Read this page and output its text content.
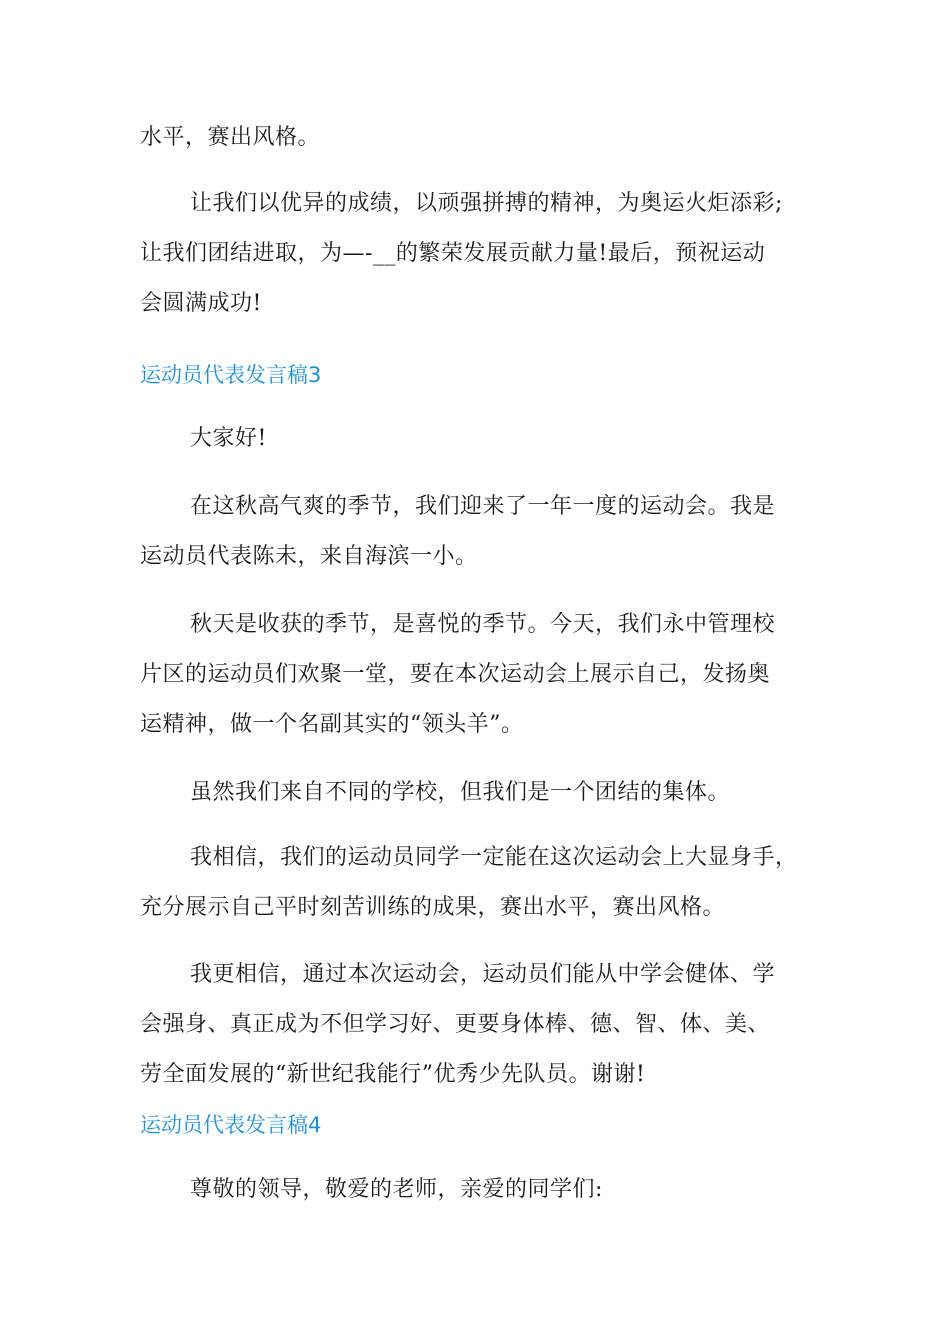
水平，赛出风格。
让我们以优异的成绩，以顽强拼搏的精神，为奥运火炬添彩;
让我们团结进取，为—-__的繁荣发展贡献力量!最后，预祝运动
会圆满成功!
运动员代表发言稿3
大家好!
在这秋高气爽的季节，我们迎来了一年一度的运动会。我是
运动员代表陈未，来自海滨一小。
秋天是收获的季节，是喜悦的季节。今天，我们永中管理校
片区的运动员们欢聚一堂，要在本次运动会上展示自己，发扬奥
运精神，做一个名副其实的“领头羊”。
虽然我们来自不同的学校，但我们是一个团结的集体。
我相信，我们的运动员同学一定能在这次运动会上大显身手，
充分展示自己平时刻苦训练的成果，赛出水平，赛出风格。
我更相信，通过本次运动会，运动员们能从中学会健体、学
会强身、真正成为不但学习好、更要身体棒、德、智、体、美、
劳全面发展的“新世纪我能行”优秀少先队员。谢谢!
运动员代表发言稿4
尊敬的领导，敬爱的老师，亲爱的同学们:
